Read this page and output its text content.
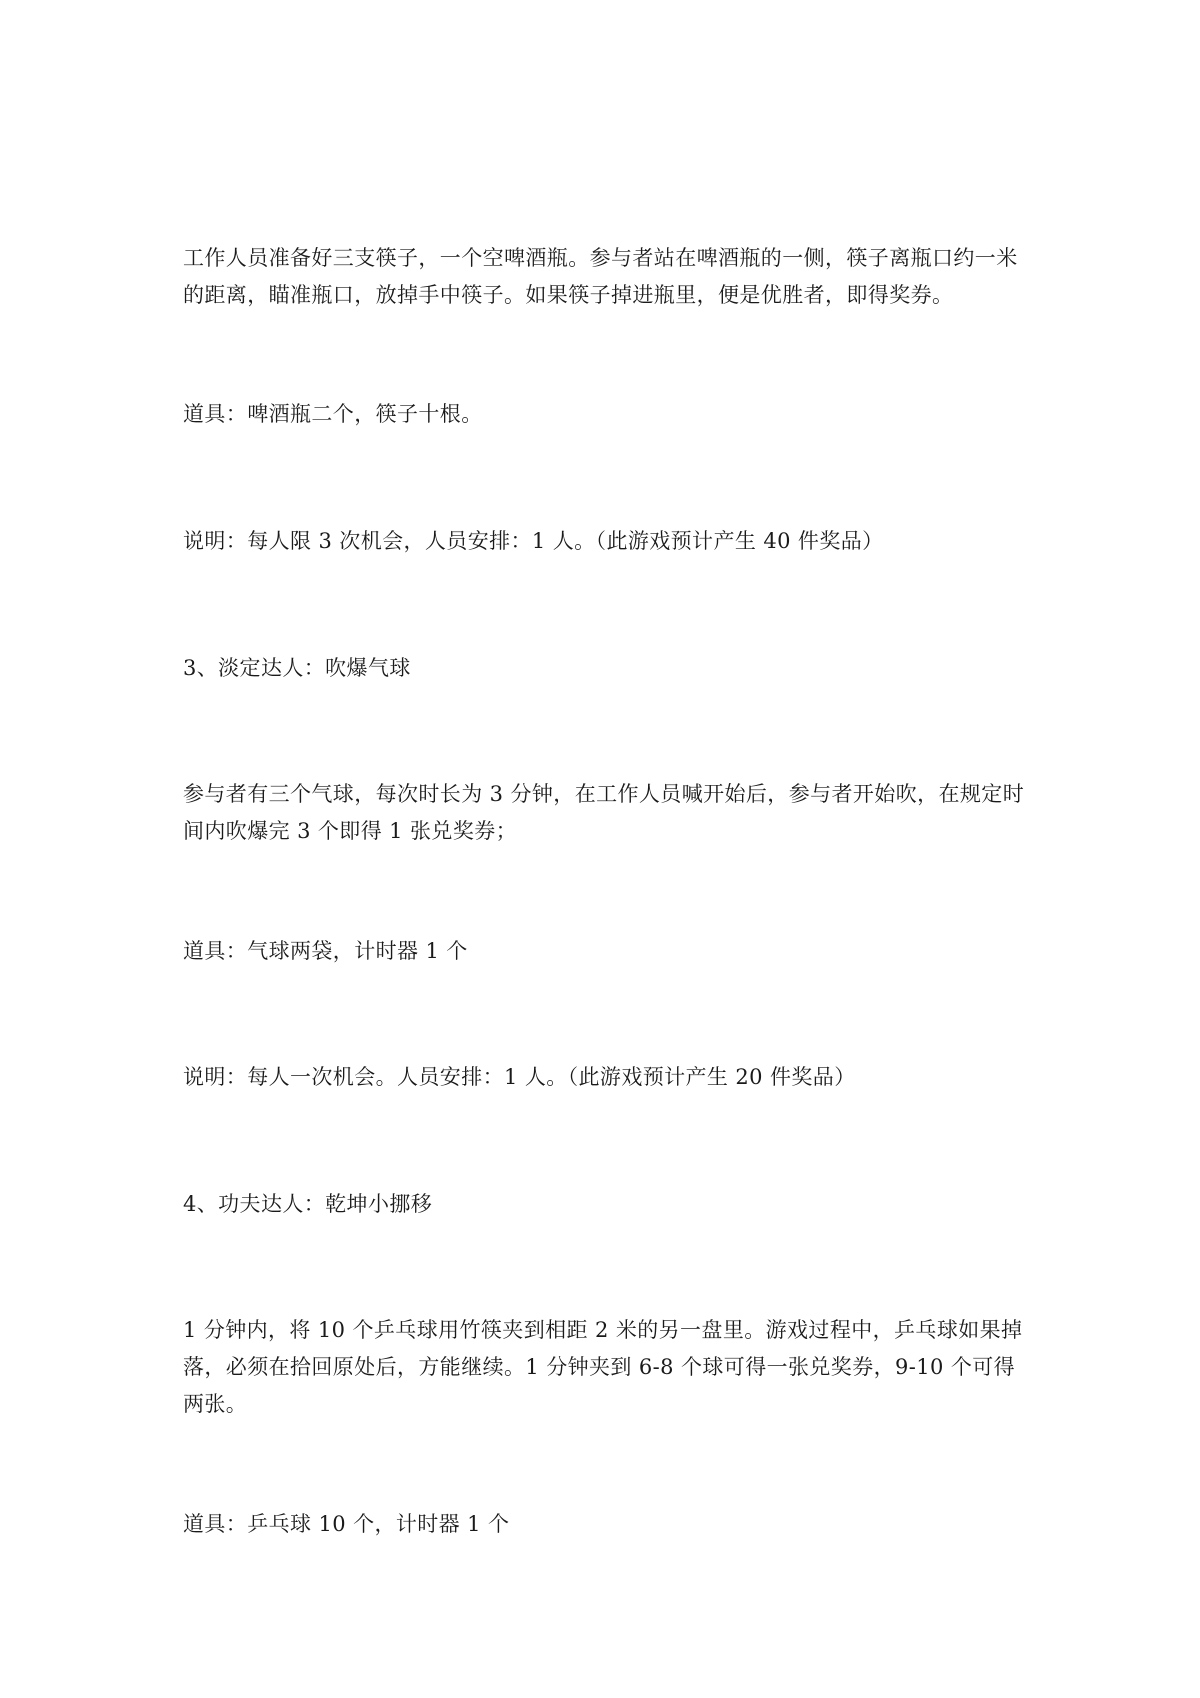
工作人员准备好三支筷子，一个空啤酒瓶。参与者站在啤酒瓶的一侧，筷子离瓶口约一米的距离，瞄准瓶口，放掉手中筷子。如果筷子掉进瓶里，便是优胜者，即得奖券。

道具：啤酒瓶二个，筷子十根。

说明：每人限 3 次机会，人员安排：1 人。（此游戏预计产生 40 件奖品）

3、淡定达人：吹爆气球

参与者有三个气球，每次时长为 3 分钟，在工作人员喊开始后，参与者开始吹，在规定时间内吹爆完 3 个即得 1 张兑奖券；

道具：气球两袋，计时器 1 个

说明：每人一次机会。人员安排：1 人。（此游戏预计产生 20 件奖品）

4、功夫达人：乾坤小挪移

1 分钟内，将 10 个乒乓球用竹筷夹到相距 2 米的另一盘里。游戏过程中，乒乓球如果掉落，必须在拾回原处后，方能继续。1 分钟夹到 6-8 个球可得一张兑奖券，9-10 个可得两张。

道具：乒乓球 10 个，计时器 1 个
